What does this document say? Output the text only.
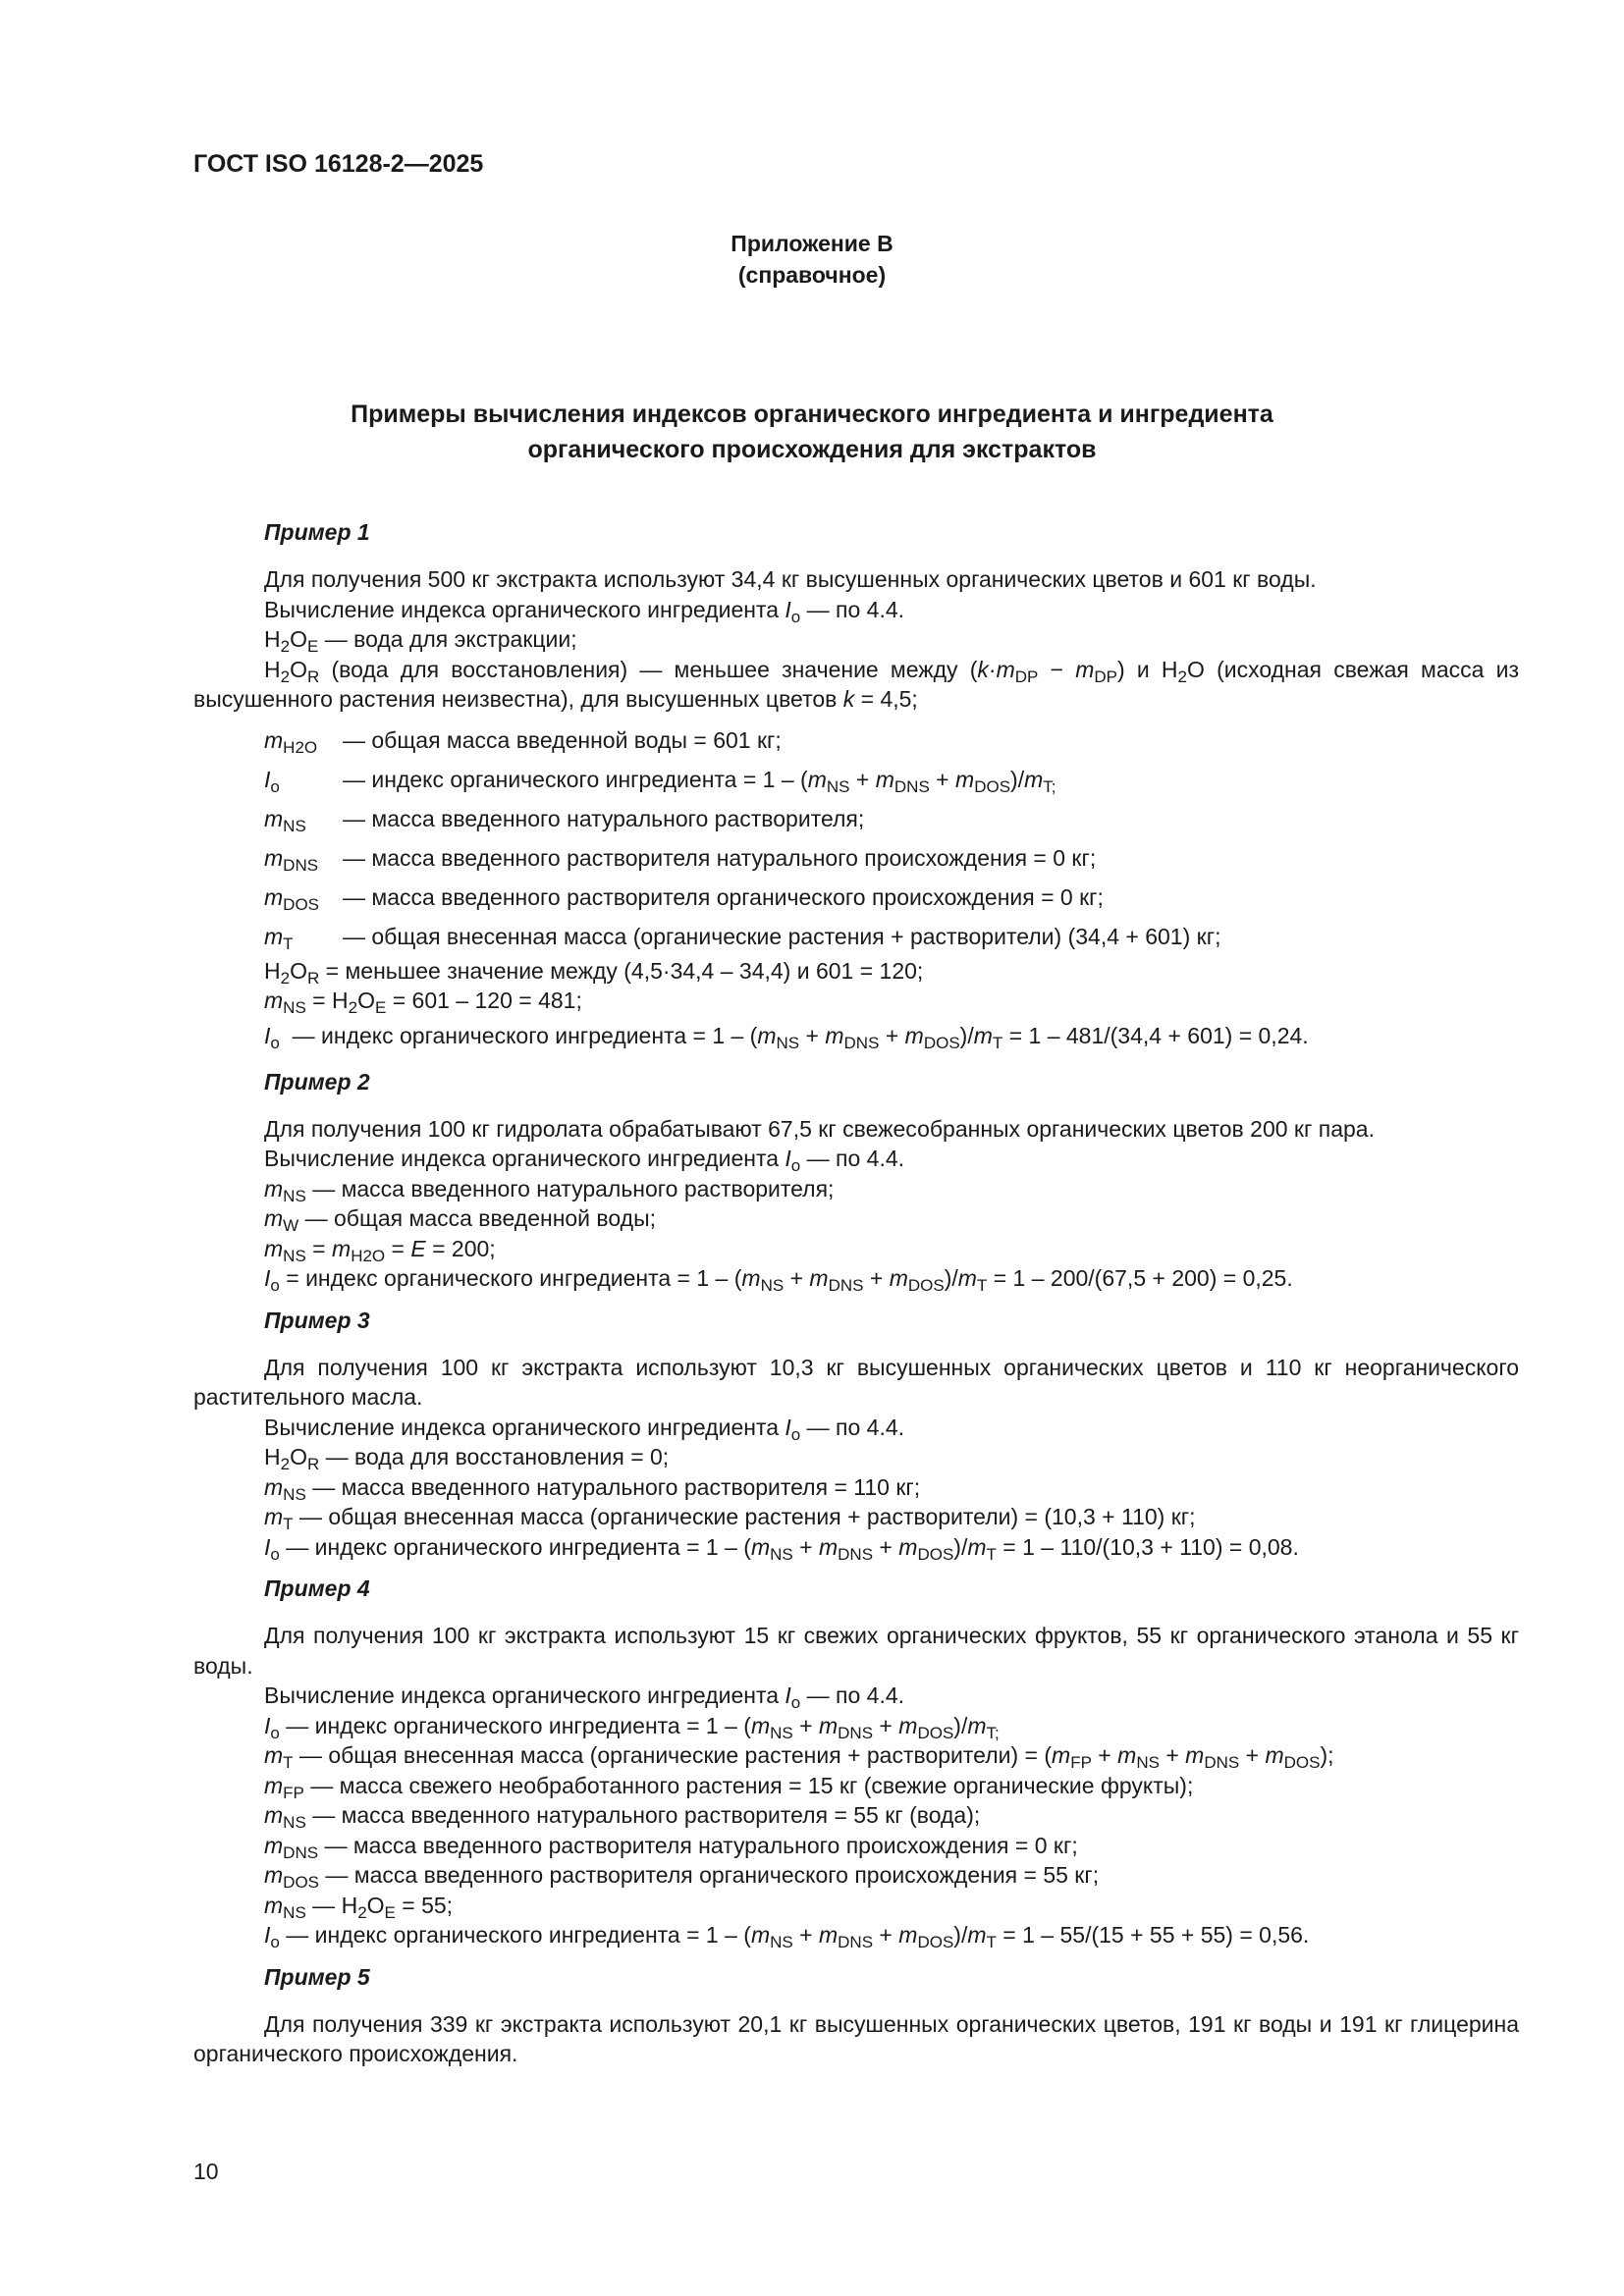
ГОСТ ISO 16128-2—2025
Приложение В
(справочное)
Примеры вычисления индексов органического ингредиента и ингредиента
органического происхождения для экстрактов
Пример 1
Для получения 500 кг экстракта используют 34,4 кг высушенных органических цветов и 601 кг воды.
Вычисление индекса органического ингредиента $I_o$ — по 4.4.
$H_2O_E$ — вода для экстракции;
$H_2O_R$ (вода для восстановления) — меньшее значение между $(k\cdot m_{DP} - m_{DP})$ и $H_2O$ (исходная свежая масса из высушенного растения неизвестна), для высушенных цветов k = 4,5;
$m_{H2O}$	— общая масса введенной воды = 601 кг;
$I_o$	— индекс органического ингредиента = $1 - (m_{NS} + m_{DNS} + m_{DOS})/m_{T;}$
$m_{NS}$	— масса введенного натурального растворителя;
$m_{DNS}$	— масса введенного растворителя натурального происхождения = 0 кг;
$m_{DOS}$	— масса введенного растворителя органического происхождения = 0 кг;
$m_T$	— общая внесенная масса (органические растения + растворители) (34,4 + 601) кг;
$H_2O_R$ = меньшее значение между (4,5·34,4 – 34,4) и 601 = 120;
$m_{NS} = H_2O_E = 601 - 120 = 481$;
$I_o$ — индекс органического ингредиента = $1 - (m_{NS} + m_{DNS} + m_{DOS})/m_T = 1 - 481/(34,4 + 601) = 0,24$.
Пример 2
Для получения 100 кг гидролата обрабатывают 67,5 кг свежесобранных органических цветов 200 кг пара.
Вычисление индекса органического ингредиента $I_o$ — по 4.4.
$m_{NS}$ — масса введенного натурального растворителя;
$m_W$ — общая масса введенной воды;
$m_{NS} = m_{H2O} = E = 200$;
$I_o$ = индекс органического ингредиента = $1 - (m_{NS} + m_{DNS} + m_{DOS})/m_T = 1 - 200/(67,5 + 200) = 0,25$.
Пример 3
Для получения 100 кг экстракта используют 10,3 кг высушенных органических цветов и 110 кг неорганического растительного масла.
Вычисление индекса органического ингредиента $I_o$ — по 4.4.
$H_2O_R$ — вода для восстановления = 0;
$m_{NS}$ — масса введенного натурального растворителя = 110 кг;
$m_T$ — общая внесенная масса (органические растения + растворители) = (10,3 + 110) кг;
$I_o$ — индекс органического ингредиента = $1 - (m_{NS} + m_{DNS} + m_{DOS})/m_T = 1 - 110/(10,3 + 110) = 0,08$.
Пример 4
Для получения 100 кг экстракта используют 15 кг свежих органических фруктов, 55 кг органического этанола и 55 кг воды.
Вычисление индекса органического ингредиента $I_o$ — по 4.4.
$I_o$ — индекс органического ингредиента = $1 - (m_{NS} + m_{DNS} + m_{DOS})/m_{T;}$
$m_T$ — общая внесенная масса (органические растения + растворители) = $(m_{FP} + m_{NS} + m_{DNS} + m_{DOS})$;
$m_{FP}$ — масса свежего необработанного растения = 15 кг (свежие органические фрукты);
$m_{NS}$ — масса введенного натурального растворителя = 55 кг (вода);
$m_{DNS}$ — масса введенного растворителя натурального происхождения = 0 кг;
$m_{DOS}$ — масса введенного растворителя органического происхождения = 55 кг;
$m_{NS}$ — $H_2O_E = 55$;
$I_o$ — индекс органического ингредиента = $1 - (m_{NS} + m_{DNS} + m_{DOS})/m_T = 1 - 55/(15 + 55 + 55) = 0,56$.
Пример 5
Для получения 339 кг экстракта используют 20,1 кг высушенных органических цветов, 191 кг воды и 191 кг глицерина органического происхождения.
10
